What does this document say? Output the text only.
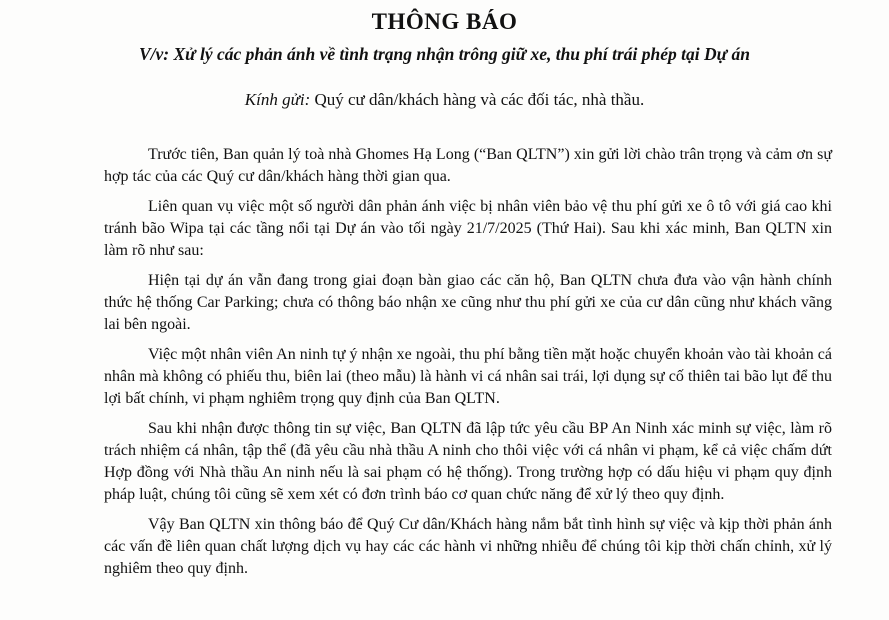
THÔNG BÁO
V/v: Xử lý các phản ánh về tình trạng nhận trông giữ xe, thu phí trái phép tại Dự án
Kính gửi: Quý cư dân/khách hàng và các đối tác, nhà thầu.

Trước tiên, Ban quản lý toà nhà Ghomes Hạ Long (“Ban QLTN”) xin gửi lời chào trân trọng và cảm ơn sự hợp tác của các Quý cư dân/khách hàng thời gian qua.

Liên quan vụ việc một số người dân phản ánh việc bị nhân viên bảo vệ thu phí gửi xe ô tô với giá cao khi tránh bão Wipa tại các tầng nổi tại Dự án vào tối ngày 21/7/2025 (Thứ Hai). Sau khi xác minh, Ban QLTN xin làm rõ như sau:

Hiện tại dự án vẫn đang trong giai đoạn bàn giao các căn hộ, Ban QLTN chưa đưa vào vận hành chính thức hệ thống Car Parking; chưa có thông báo nhận xe cũng như thu phí gửi xe của cư dân cũng như khách vãng lai bên ngoài.

Việc một nhân viên An ninh tự ý nhận xe ngoài, thu phí bằng tiền mặt hoặc chuyển khoản vào tài khoản cá nhân mà không có phiếu thu, biên lai (theo mẫu) là hành vi cá nhân sai trái, lợi dụng sự cố thiên tai bão lụt để thu lợi bất chính, vi phạm nghiêm trọng quy định của Ban QLTN.

Sau khi nhận được thông tin sự việc, Ban QLTN đã lập tức yêu cầu BP An Ninh xác minh sự việc, làm rõ trách nhiệm cá nhân, tập thể (đã yêu cầu nhà thầu A ninh cho thôi việc với cá nhân vi phạm, kể cả việc chấm dứt Hợp đồng với Nhà thầu An ninh nếu là sai phạm có hệ thống). Trong trường hợp có dấu hiệu vi phạm quy định pháp luật, chúng tôi cũng sẽ xem xét có đơn trình báo cơ quan chức năng để xử lý theo quy định.

Vậy Ban QLTN xin thông báo để Quý Cư dân/Khách hàng nắm bắt tình hình sự việc và kịp thời phản ánh các vấn đề liên quan chất lượng dịch vụ hay các các hành vi những nhiễu để chúng tôi kịp thời chấn chỉnh, xử lý nghiêm theo quy định.
